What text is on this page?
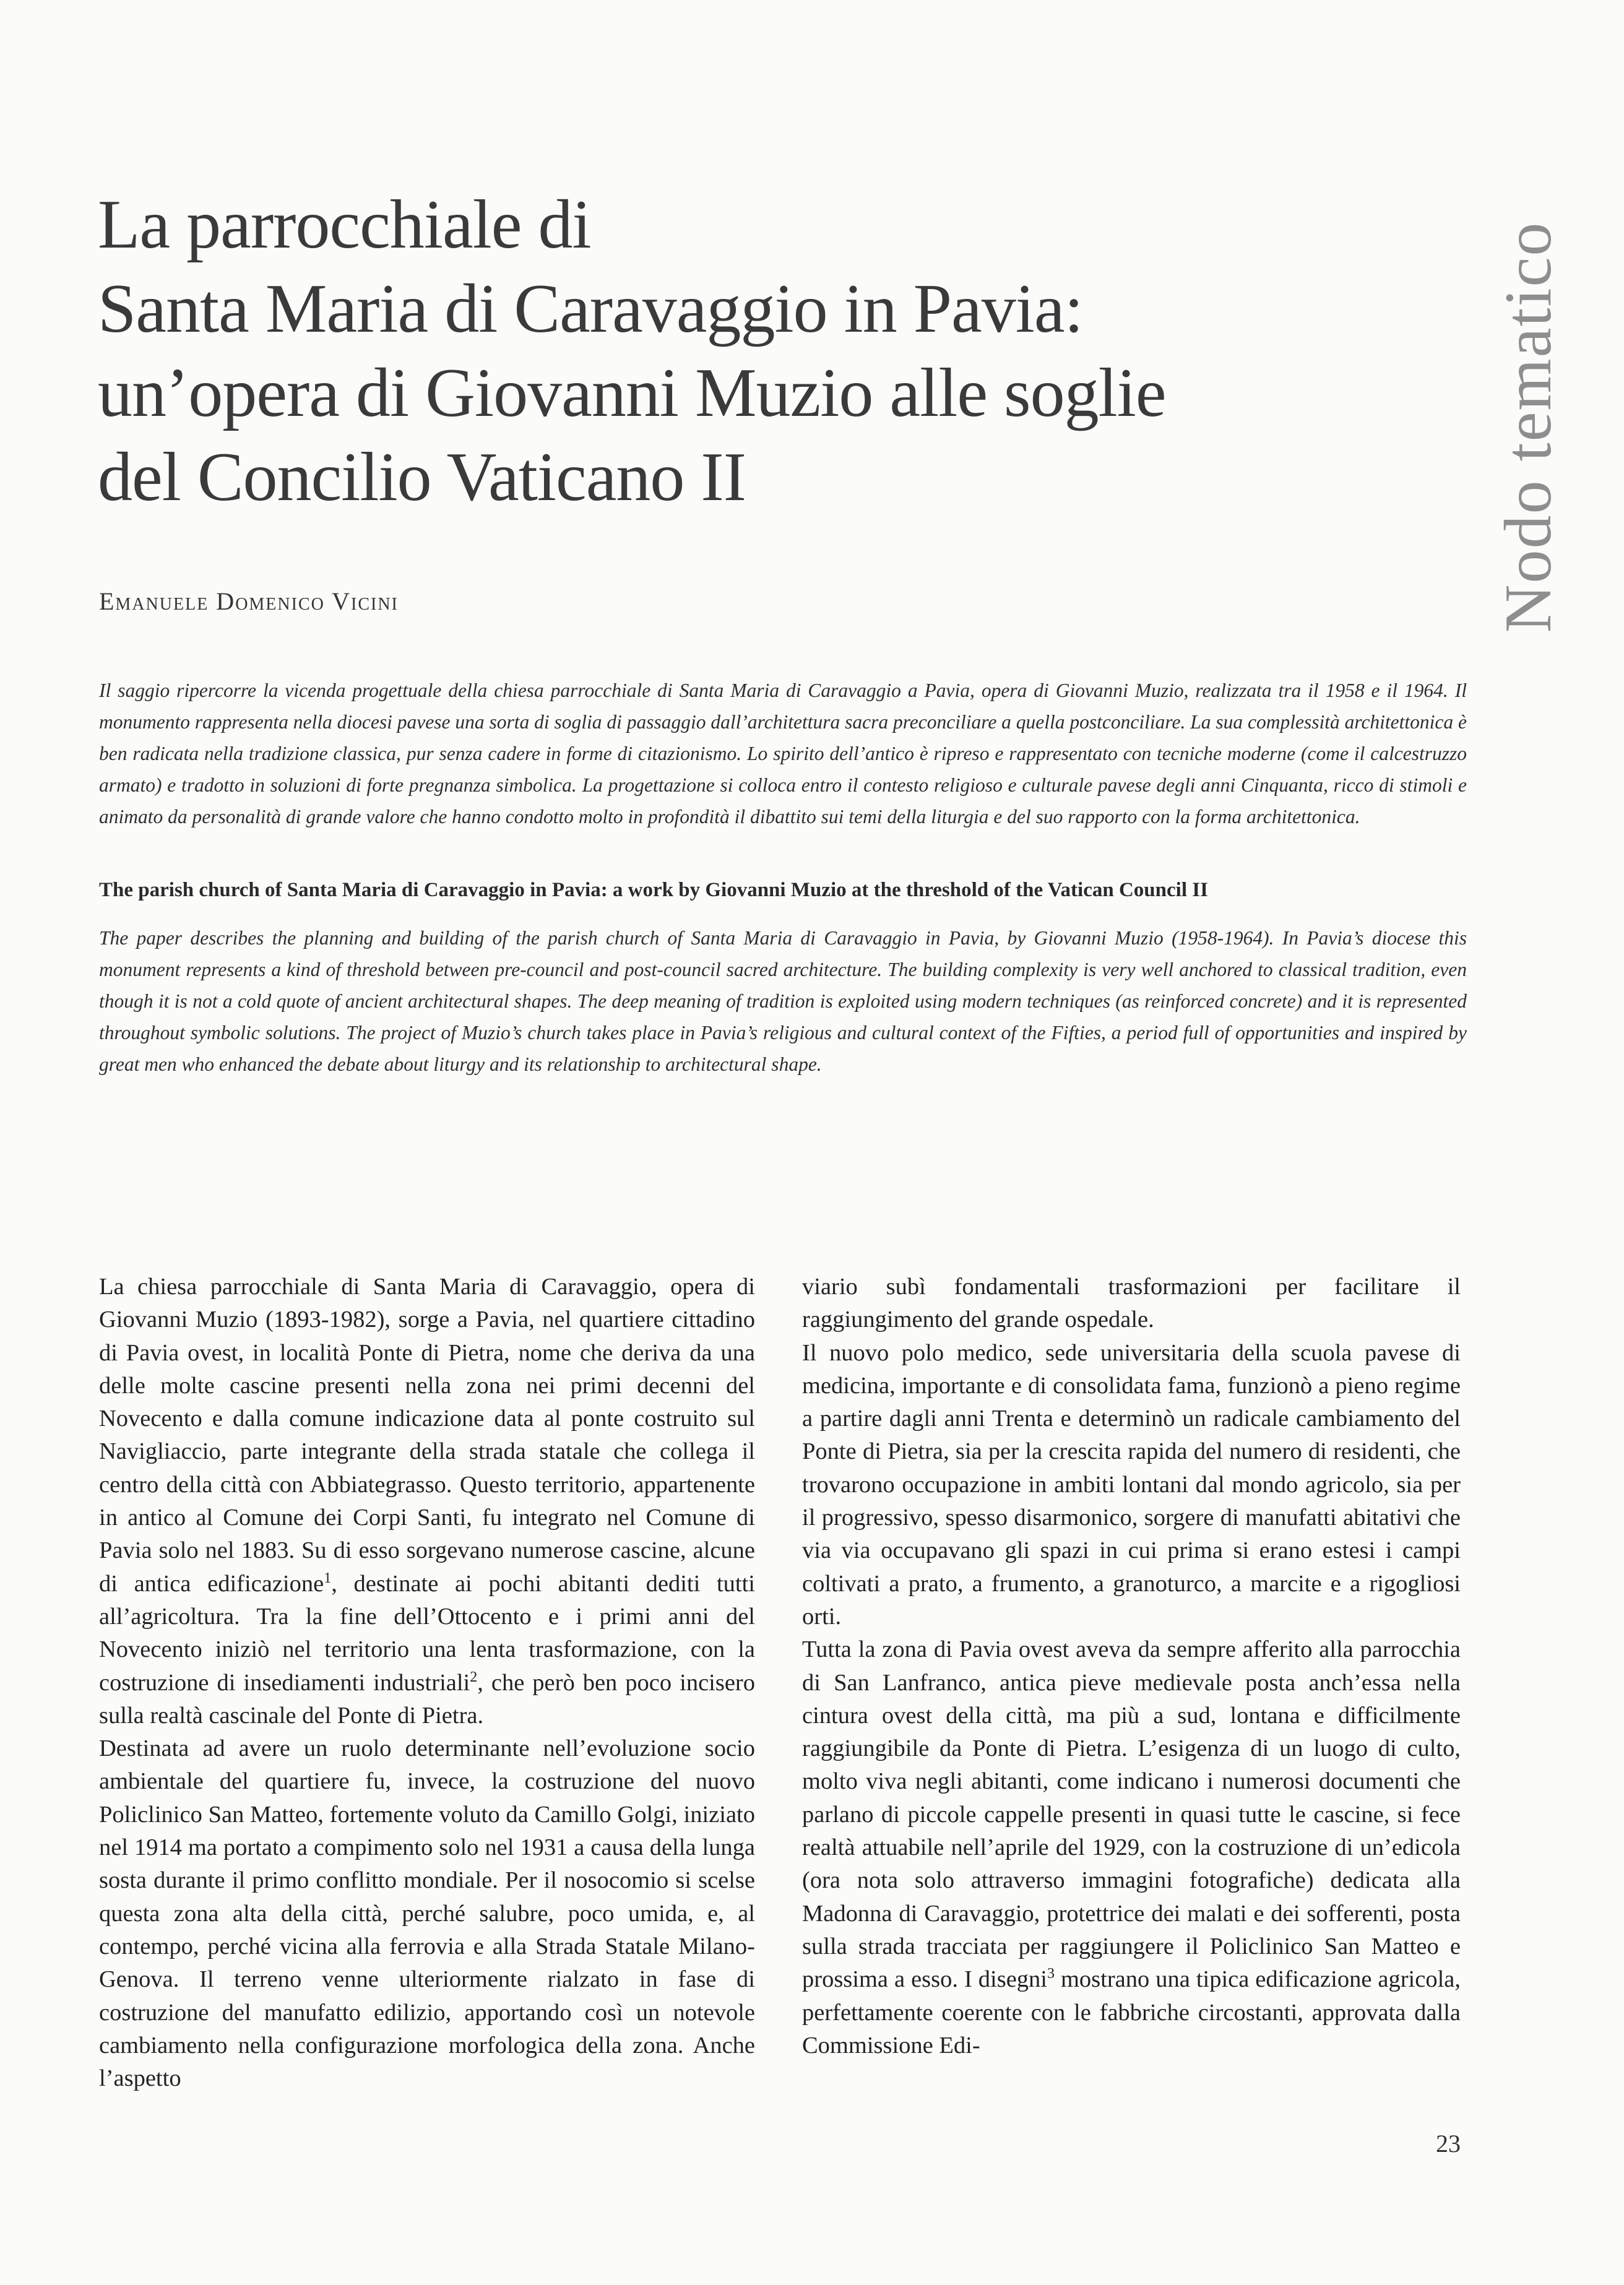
La parrocchiale di
Santa Maria di Caravaggio in Pavia:
un’opera di Giovanni Muzio alle soglie
del Concilio Vaticano II
Emanuele Domenico Vicini	Nodo tematico

Il saggio ripercorre la vicenda progettuale della chiesa parrocchiale di Santa Maria di Caravaggio a Pavia, opera di Giovanni Muzio, realizzata tra il 1958 e il 1964. Il monumento rappresenta nella diocesi pavese una sorta di soglia di passaggio dall’architettura sacra preconciliare a quella postconciliare. La sua complessità architettonica è ben radicata nella tradizione classica, pur senza cadere in forme di citazionismo. Lo spirito dell’antico è ripreso e rappresentato con tecniche moderne (come il calcestruzzo armato) e tradotto in soluzioni di forte pregnanza simbolica. La progettazione si colloca entro il contesto religioso e culturale pavese degli anni Cinquanta, ricco di stimoli e animato da personalità di grande valore che hanno condotto molto in profondità il dibattito sui temi della liturgia e del suo rapporto con la forma architettonica.

The parish church of Santa Maria di Caravaggio in Pavia: a work by Giovanni Muzio at the threshold of the Vatican Council II

The paper describes the planning and building of the parish church of Santa Maria di Caravaggio in Pavia, by Giovanni Muzio (1958-1964). In Pavia’s diocese this monument represents a kind of threshold between pre-council and post-council sacred architecture. The building complexity is very well anchored to classical tradition, even though it is not a cold quote of ancient architectural shapes. The deep meaning of tradition is exploited using modern techniques (as reinforced concrete) and it is represented throughout symbolic solutions. The project of Muzio’s church takes place in Pavia’s religious and cultural context of the Fifties, a period full of opportunities and inspired by great men who enhanced the debate about liturgy and its relationship to architectural shape.

La chiesa parrocchiale di Santa Maria di Caravaggio, opera di Giovanni Muzio (1893-1982), sorge a Pavia, nel quartiere cittadino di Pavia ovest, in località Ponte di Pietra, nome che deriva da una delle molte cascine presenti nella zona nei primi decenni del Novecento e dalla comune indicazione data al ponte costruito sul Navigliaccio, parte integrante della strada statale che collega il centro della città con Abbiategrasso. Questo territorio, appartenente in antico al Comune dei Corpi Santi, fu integrato nel Comune di Pavia solo nel 1883. Su di esso sorgevano numerose cascine, alcune di antica edificazione$^1$, destinate ai pochi abitanti dediti tutti all’agricoltura. Tra la fine dell’Ottocento e i primi anni del Novecento iniziò nel territorio una lenta trasformazione, con la costruzione di insediamenti industriali$^2$, che però ben poco incisero sulla realtà cascinale del Ponte di Pietra.

Destinata ad avere un ruolo determinante nell’evoluzione socio ambientale del quartiere fu, invece, la costruzione del nuovo Policlinico San Matteo, fortemente voluto da Camillo Golgi, iniziato nel 1914 ma portato a compimento solo nel 1931 a causa della lunga sosta durante il primo conflitto mondiale. Per il nosocomio si scelse questa zona alta della città, perché salubre, poco umida, e, al contempo, perché vicina alla ferrovia e alla Strada Statale Milano-Genova. Il terreno venne ulteriormente rialzato in fase di costruzione del manufatto edilizio, apportando così un notevole cambiamento nella configurazione morfologica della zona. Anche l’aspetto

viario subì fondamentali trasformazioni per facilitare il raggiungimento del grande ospedale.

Il nuovo polo medico, sede universitaria della scuola pavese di medicina, importante e di consolidata fama, funzionò a pieno regime a partire dagli anni Trenta e determinò un radicale cambiamento del Ponte di Pietra, sia per la crescita rapida del numero di residenti, che trovarono occupazione in ambiti lontani dal mondo agricolo, sia per il progressivo, spesso disarmonico, sorgere di manufatti abitativi che via via occupavano gli spazi in cui prima si erano estesi i campi coltivati a prato, a frumento, a granoturco, a marcite e a rigogliosi orti.

Tutta la zona di Pavia ovest aveva da sempre afferito alla parrocchia di San Lanfranco, antica pieve medievale posta anch’essa nella cintura ovest della città, ma più a sud, lontana e difficilmente raggiungibile da Ponte di Pietra. L’esigenza di un luogo di culto, molto viva negli abitanti, come indicano i numerosi documenti che parlano di piccole cappelle presenti in quasi tutte le cascine, si fece realtà attuabile nell’aprile del 1929, con la costruzione di un’edicola (ora nota solo attraverso immagini fotografiche) dedicata alla Madonna di Caravaggio, protettrice dei malati e dei sofferenti, posta sulla strada tracciata per raggiungere il Policlinico San Matteo e prossima a esso. I disegni$^3$ mostrano una tipica edificazione agricola, perfettamente coerente con le fabbriche circostanti, approvata dalla Commissione Edi-

23
